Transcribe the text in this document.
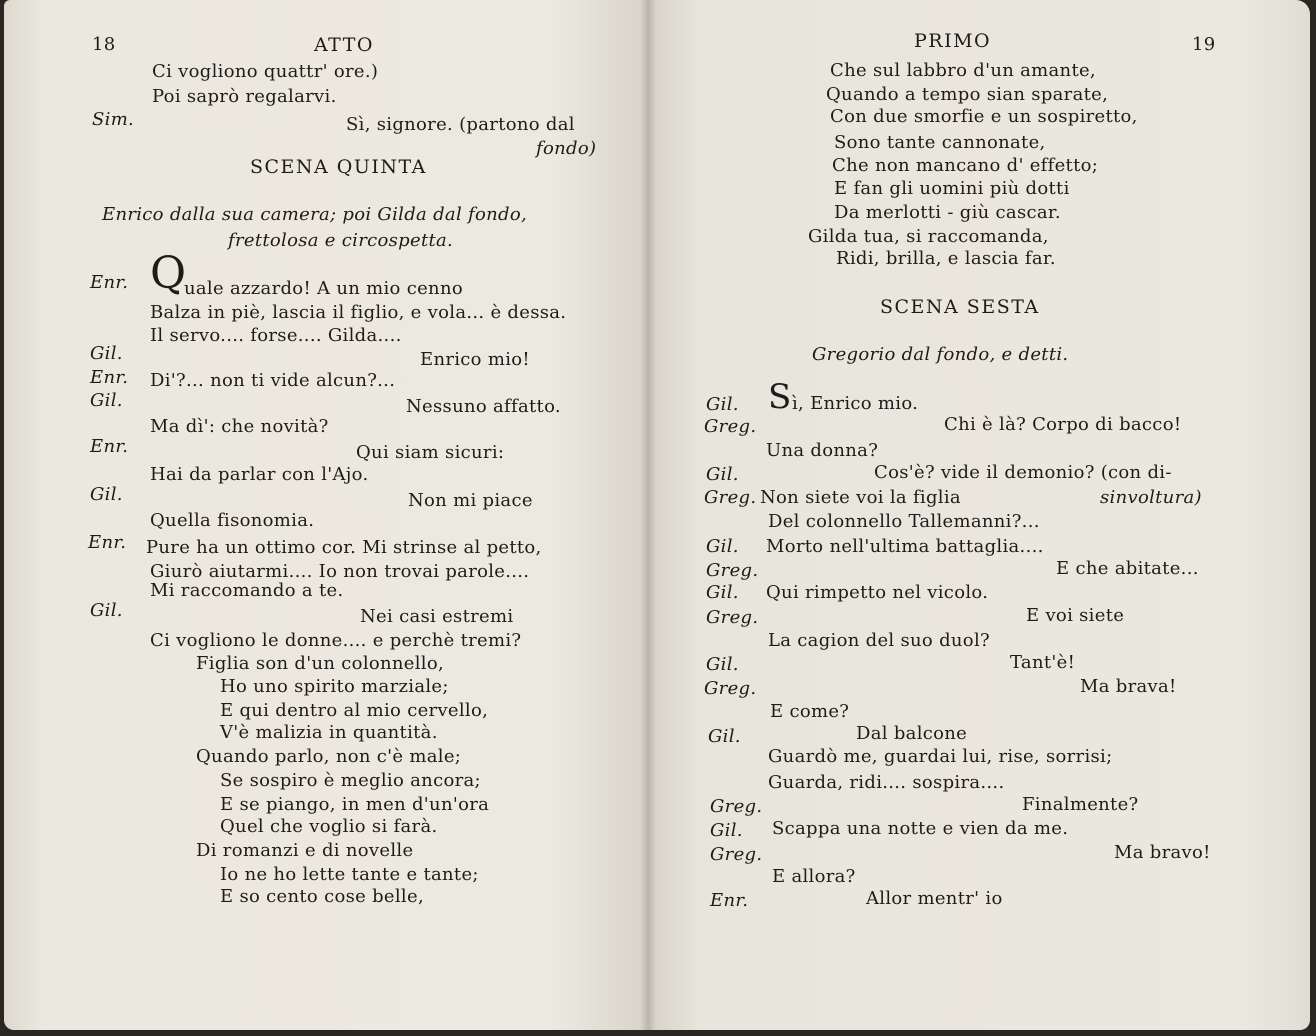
18	ATTO
Ci vogliono quattr' ore.)
Poi saprò regalarvi.
Sim.	Sì, signore. (partono dal
fondo)
SCENA QUINTA
Enrico dalla sua camera; poi Gilda dal fondo,
frettolosa e circospetta.
Enr. Q
uale azzardo! A un mio cenno
Balza in piè, lascia il figlio, e vola... è dessa.
Il servo.... forse.... Gilda....
Gil.	Enrico mio!
Enr. Di'?... non ti vide alcun?...
Gil.	Nessuno affatto.
Ma dì': che novità?
Enr.	Qui siam sicuri:
Hai da parlar con l'Ajo.
Gil.	Non mi piace
Quella fisonomia.
Enr. Pure ha un ottimo cor. Mi strinse al petto,
Giurò aiutarmi.... Io non trovai parole....
Mi raccomando a te.
Gil.	Nei casi estremi
Ci vogliono le donne.... e perchè tremi?
Figlia son d'un colonnello,
Ho uno spirito marziale;
E qui dentro al mio cervello,
V'è malizia in quantità.
Quando parlo, non c'è male;
Se sospiro è meglio ancora;
E se piango, in men d'un'ora
Quel che voglio si farà.
Di romanzi e di novelle
Io ne ho lette tante e tante;
E so cento cose belle,
PRIMO	19
Che sul labbro d'un amante,
Quando a tempo sian sparate,
Con due smorfie e un sospiretto,
Sono tante cannonate,
Che non mancano d' effetto;
E fan gli uomini più dotti
Da merlotti - giù cascar.
Gilda tua, si raccomanda,
Ridi, brilla, e lascia far.
SCENA SESTA
Gregorio dal fondo, e detti.
Gil. S ì, Enrico mio.
Greg.	Chi è là? Corpo di bacco!
Una donna?
Gil.	Cos'è? vide il demonio? (con di-
Greg. Non siete voi la figlia	sinvoltura)
Del colonnello Tallemanni?...
Gil. Morto nell'ultima battaglia....
Greg.	E che abitate...
Gil. Qui rimpetto nel vicolo.
Greg.	E voi siete
La cagion del suo duol?
Gil.	Tant'è!
Greg.	Ma brava!
E come?
Gil.	Dal balcone
Guardò me, guardai lui, rise, sorrisi;
Guarda, ridi.... sospira....
Greg.	Finalmente?
Gil. Scappa una notte e vien da me.
Greg.	Ma bravo!
E allora?
Enr.	Allor mentr' io
